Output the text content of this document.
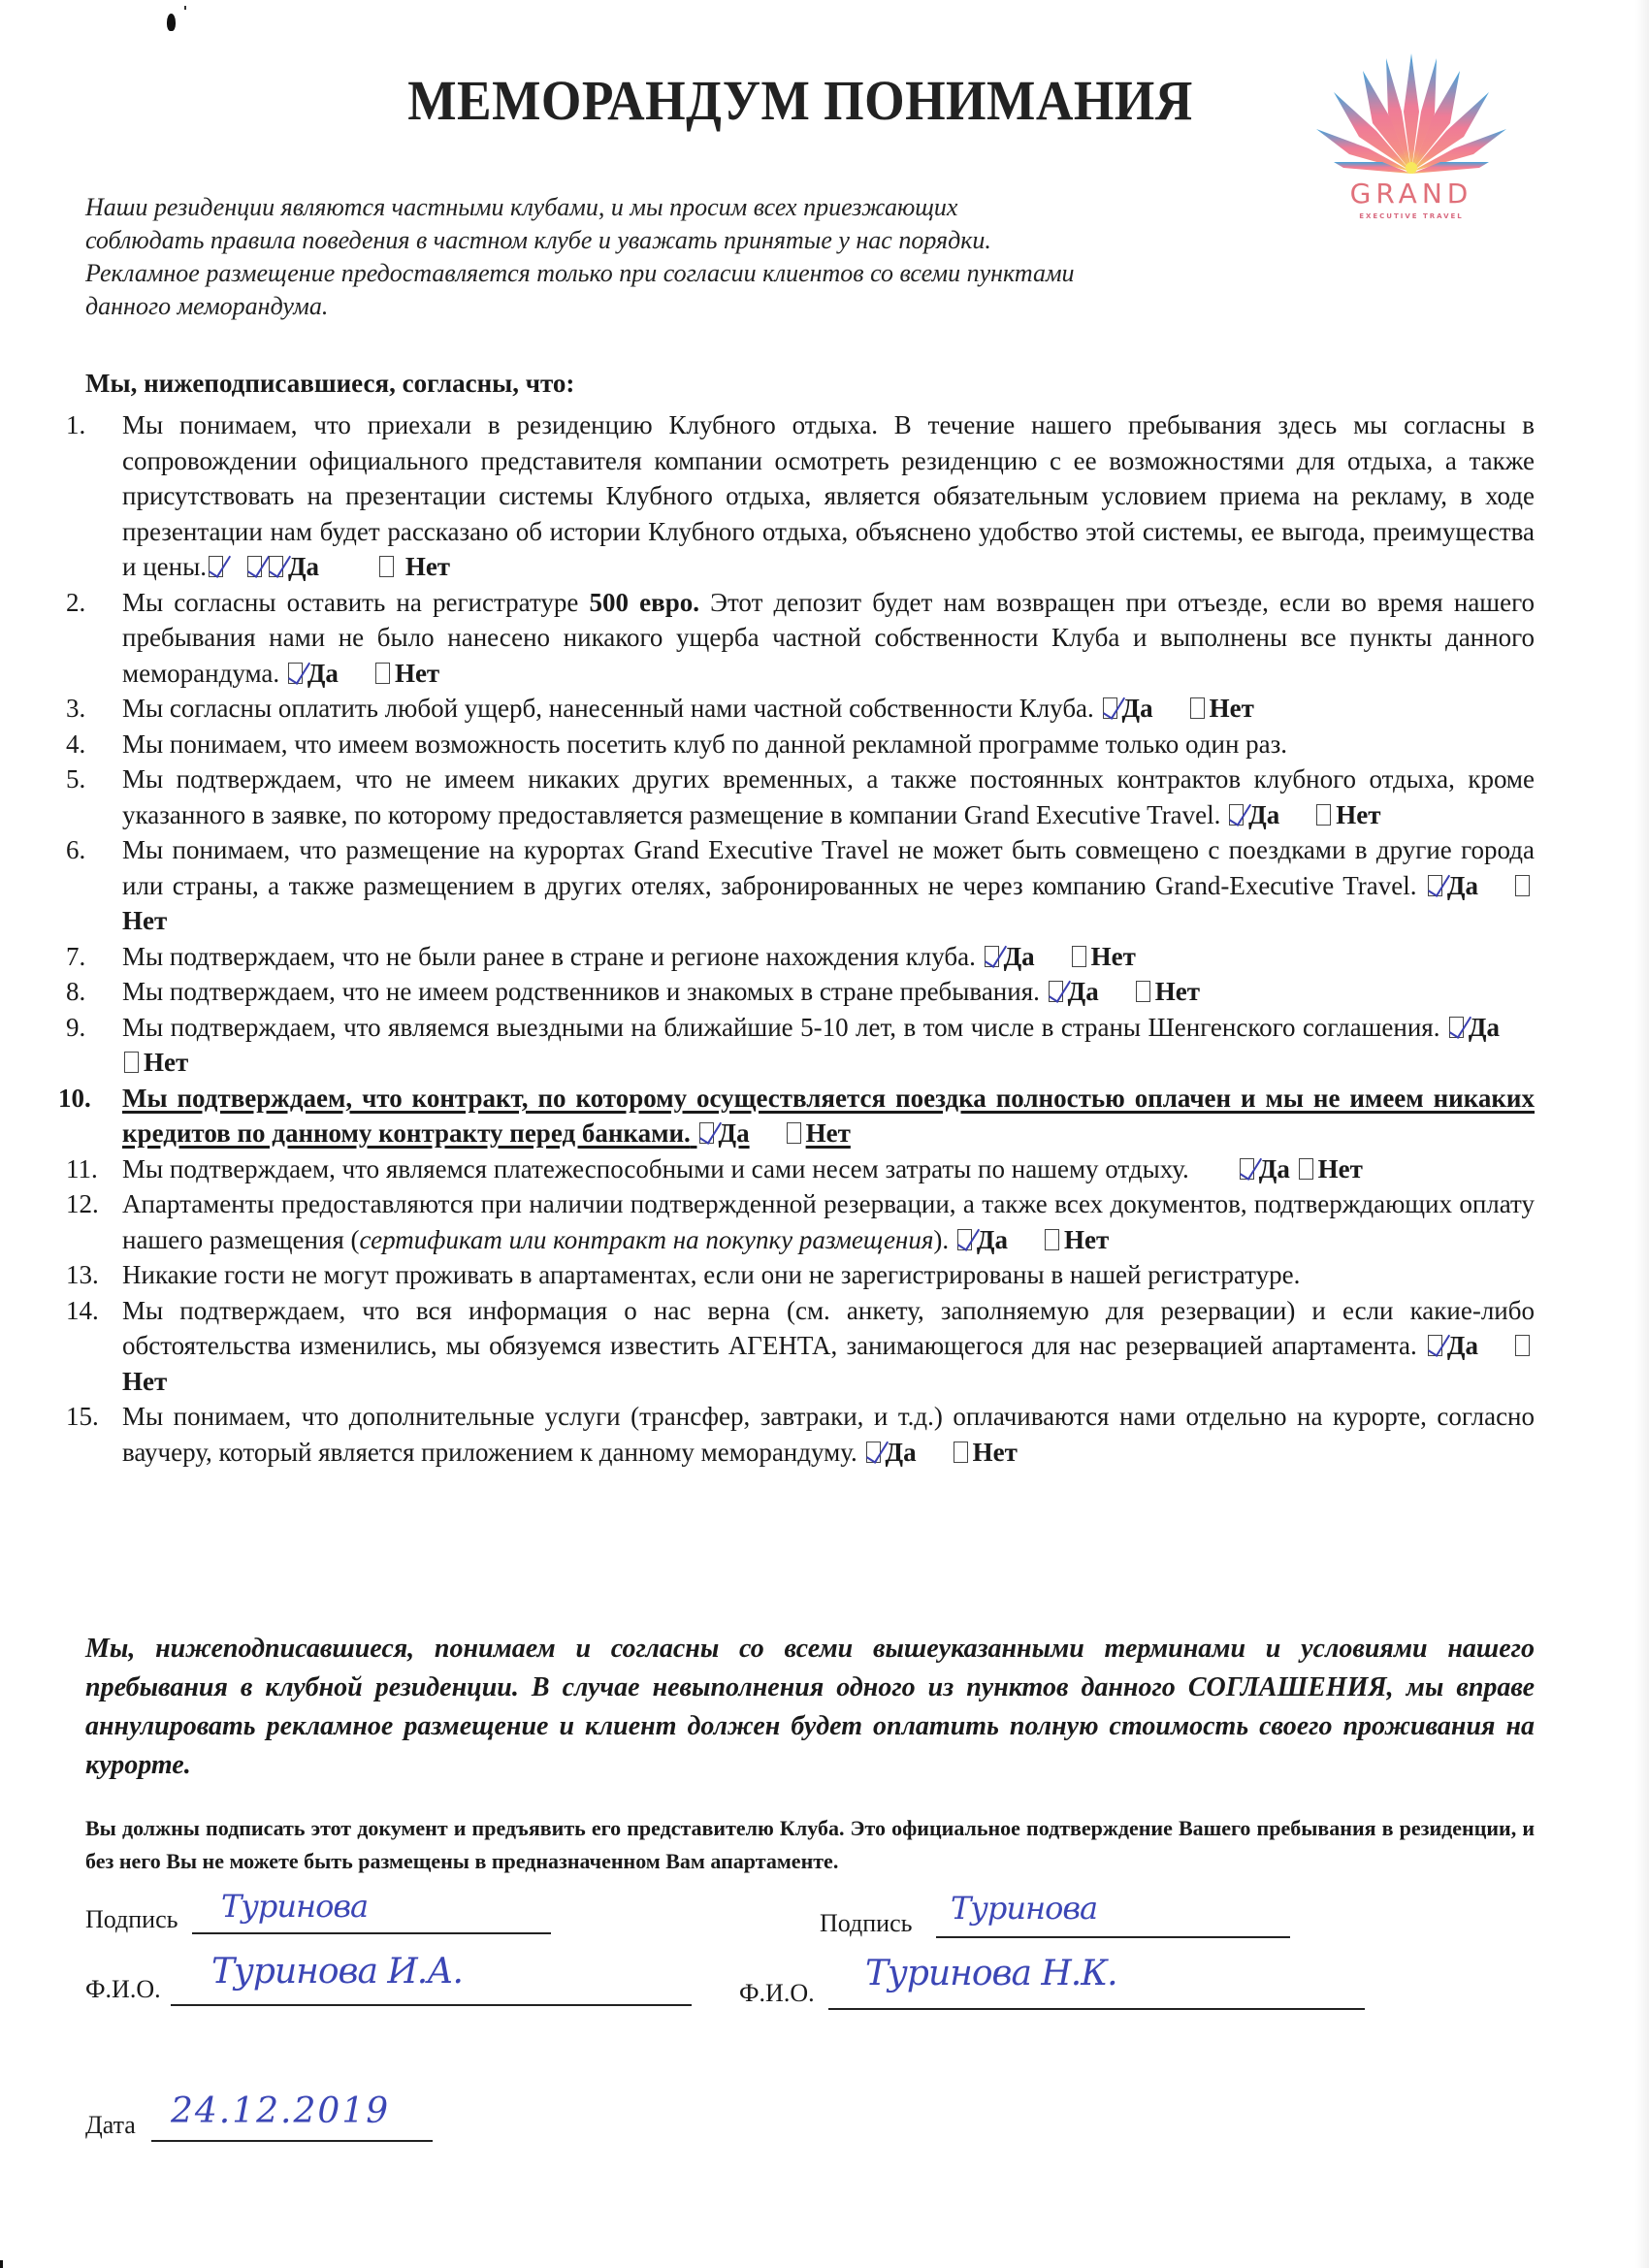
МЕМОРАНДУМ ПОНИМАНИЯ
GRAND
EXECUTIVE TRAVEL

Наши резиденции являются частными клубами, и мы просим всех приезжающих

соблюдать правила поведения в частном клубе и уважать принятые у нас порядки.

Рекламное размещение предоставляется только при согласии клиентов со всеми пунктами

данного меморандума.

Мы, нижеподписавшиеся, согласны, что:
1. Мы понимаем, что приехали в резиденцию Клубного отдыха. В течение нашего пребывания здесь мы согласны в сопровождении официального представителя компании осмотреть резиденцию с ее возможностями для отдыха, а также присутствовать на презентации системы Клубного отдыха, является обязательным условием приема на рекламу, в ходе презентации нам будет рассказано об истории Клубного отдыха, объяснено удобство этой системы, ее выгода, преимущества и цены.	Да	Нет
2. Мы согласны оставить на регистратуре 500 евро. Этот депозит будет нам возвращен при отъезде, если во время нашего пребывания нами не было нанесено никакого ущерба частной собственности Клуба и выполнены все пункты данного меморандума. Да Нет
3. Мы согласны оплатить любой ущерб, нанесенный нами частной собственности Клуба. Да Нет
4. Мы понимаем, что имеем возможность посетить клуб по данной рекламной программе только один раз.
5. Мы подтверждаем, что не имеем никаких других временных, а также постоянных контрактов клубного отдыха, кроме указанного в заявке, по которому предоставляется размещение в компании Grand Executive Travel. Да Нет
6. Мы понимаем, что размещение на курортах Grand Executive Travel не может быть совмещено с поездками в другие города или страны, а также размещением в других отелях, забронированных не через компанию Grand-Executive Travel. ДаНет
7. Мы подтверждаем, что не были ранее в стране и регионе нахождения клуба. Да Нет
8. Мы подтверждаем, что не имеем родственников и знакомых в стране пребывания. Да Нет
9. Мы подтверждаем, что являемся выездными на ближайшие 5-10 лет, в том числе в страны Шенгенского соглашения. ДаНет
10. Мы подтверждаем, что контракт, по которому осуществляется поездка полностью оплачен и мы не имеем никаких кредитов по данному контракту перед банками. Да Нет
11. Мы подтверждаем, что являемся платежеспособными и сами несем затраты по нашему отдыху.	Да Нет
12. Апартаменты предоставляются при наличии подтвержденной резервации, а также всех документов, подтверждающих оплату нашего размещения (сертификат или контракт на покупку размещения). Да Нет
13. Никакие гости не могут проживать в апартаментах, если они не зарегистрированы в нашей регистратуре.
14. Мы подтверждаем, что вся информация о нас верна (см. анкету, заполняемую для резервации) и если какие-либо обстоятельства изменились, мы обязуемся известить АГЕНТА, занимающегося для нас резервацией апартамента. ДаНет
15. Мы понимаем, что дополнительные услуги (трансфер, завтраки, и т.д.) оплачиваются нами отдельно на курорте, согласно ваучеру, который является приложением к данному меморандуму. Да Нет
Мы, нижеподписавшиеся, понимаем и согласны со всеми вышеуказанными терминами и условиями нашего пребывания в клубной резиденции. В случае невыполнения одного из пунктов данного СОГЛАШЕНИЯ, мы вправе аннулировать рекламное размещение и клиент должен будет оплатить полную стоимость своего проживания на курорте.
Вы должны подписать этот документ и предъявить его представителю Клуба. Это официальное подтверждение Вашего пребывания в резиденции, и без него Вы не можете быть размещены в предназначенном Вам апартаменте.
Подпись Туринова	Подпись Туринова
Ф.И.О. Туринова И.А.
Ф.И.О. Туринова Н.К.
Дата 24.12.2019
